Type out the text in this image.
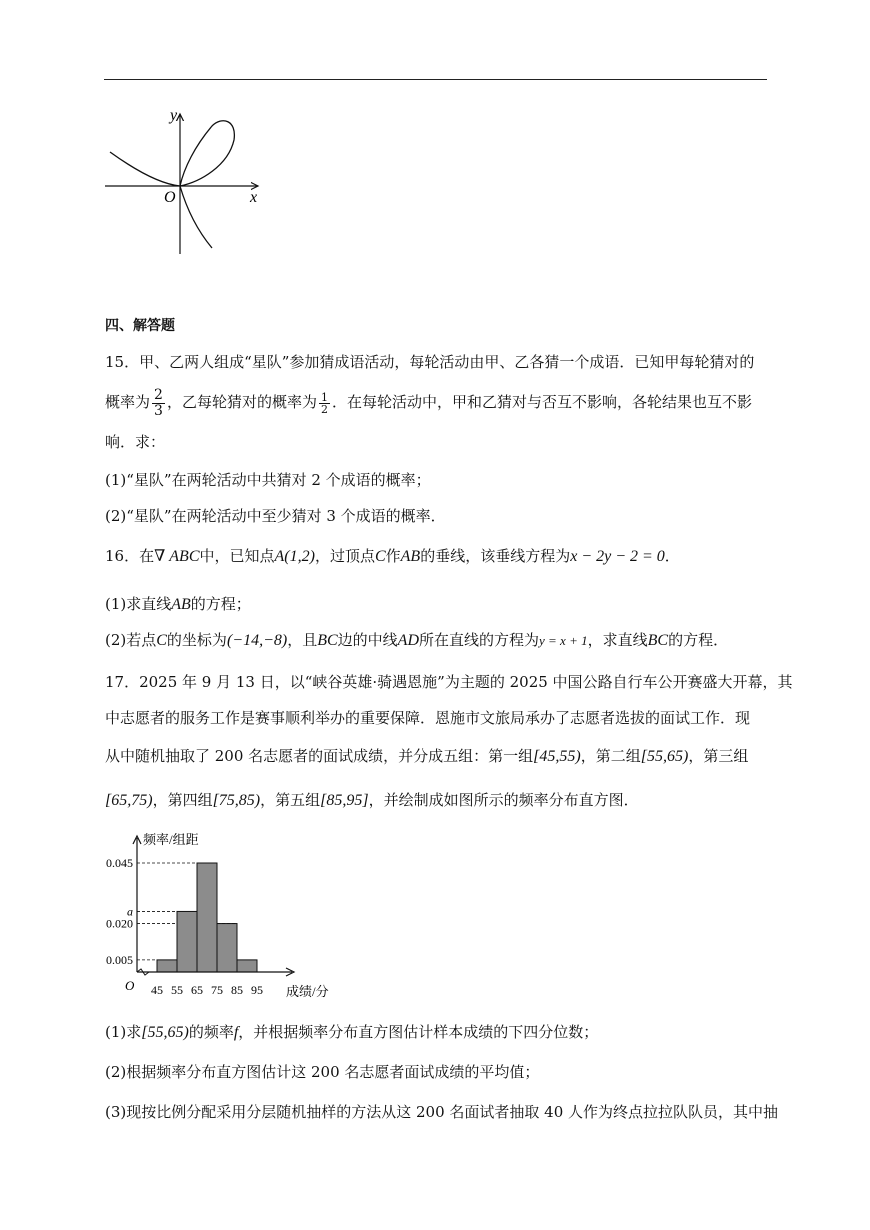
y
O	x
四、解答题
15．甲、乙两人组成“星队”参加猜成语活动，每轮活动由甲、乙各猜一个成语．已知甲每轮猜对的
概率为 $\frac{2}{3}$ ，乙每轮猜对的概率为 $\frac{1}{2}$ ．在每轮活动中，甲和乙猜对与否互不影响，各轮结果也互不影
响．求：
(1)“星队”在两轮活动中共猜对 2 个成语的概率；
(2)“星队”在两轮活动中至少猜对 3 个成语的概率．
16．在∇ ABC中，已知点A(1,2)，过顶点C作AB的垂线，该垂线方程为x − 2y − 2 = 0．
(1)求直线AB的方程；
(2)若点C的坐标为(−14,−8)，且BC边的中线AD所在直线的方程为y = x + 1，求直线BC的方程．
17．2025 年 9 月 13 日，以“峡谷英雄·骑遇恩施”为主题的 2025 中国公路自行车公开赛盛大开幕，其
中志愿者的服务工作是赛事顺利举办的重要保障．恩施市文旅局承办了志愿者选拔的面试工作．现
从中随机抽取了 200 名志愿者的面试成绩，并分成五组：第一组[45,55)，第二组[55,65)，第三组
[65,75)，第四组[75,85)，第五组[85,95]，并绘制成如图所示的频率分布直方图．
0.005
0.020
a
0.045
45 55 65 75 85 95
频率/组距
成绩/分
O
(1)求[55,65)的频率f，并根据频率分布直方图估计样本成绩的下四分位数；
(2)根据频率分布直方图估计这 200 名志愿者面试成绩的平均值；
(3)现按比例分配采用分层随机抽样的方法从这 200 名面试者抽取 40 人作为终点拉拉队队员，其中抽
